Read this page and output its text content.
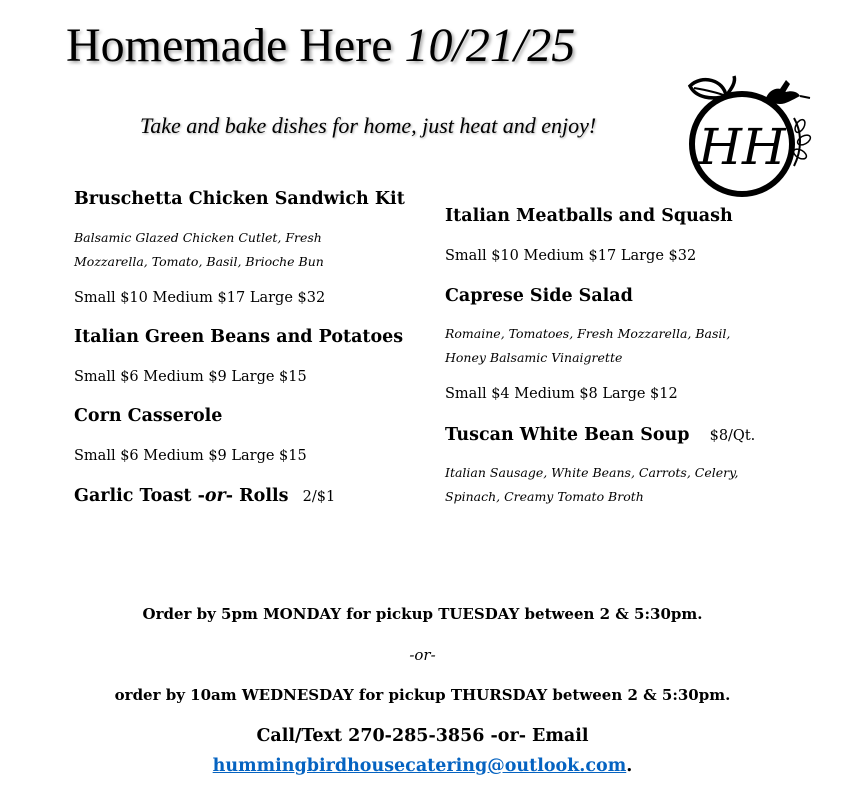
Homemade Here 10/21/25
Take and bake dishes for home, just heat and enjoy! HH
Bruschetta Chicken Sandwich Kit
Balsamic Glazed Chicken Cutlet, Fresh
Mozzarella, Tomato, Basil, Brioche Bun
Small $10 Medium $17 Large $32
Italian Green Beans and Potatoes
Small $6 Medium $9 Large $15
Corn Casserole
Small $6 Medium $9 Large $15
Garlic Toast -or- Rolls 2/$1
Italian Meatballs and Squash
Small $10 Medium $17 Large $32
Caprese Side Salad
Romaine, Tomatoes, Fresh Mozzarella, Basil,
Honey Balsamic Vinaigrette
Small $4 Medium $8 Large $12
Tuscan White Bean Soup $8/Qt.
Italian Sausage, White Beans, Carrots, Celery,
Spinach, Creamy Tomato Broth
Order by 5pm MONDAY for pickup TUESDAY between 2 & 5:30pm.
-or-
order by 10am WEDNESDAY for pickup THURSDAY between 2 & 5:30pm.
Call/Text 270-285-3856 -or- Email
hummingbirdhousecatering@outlook.com.
